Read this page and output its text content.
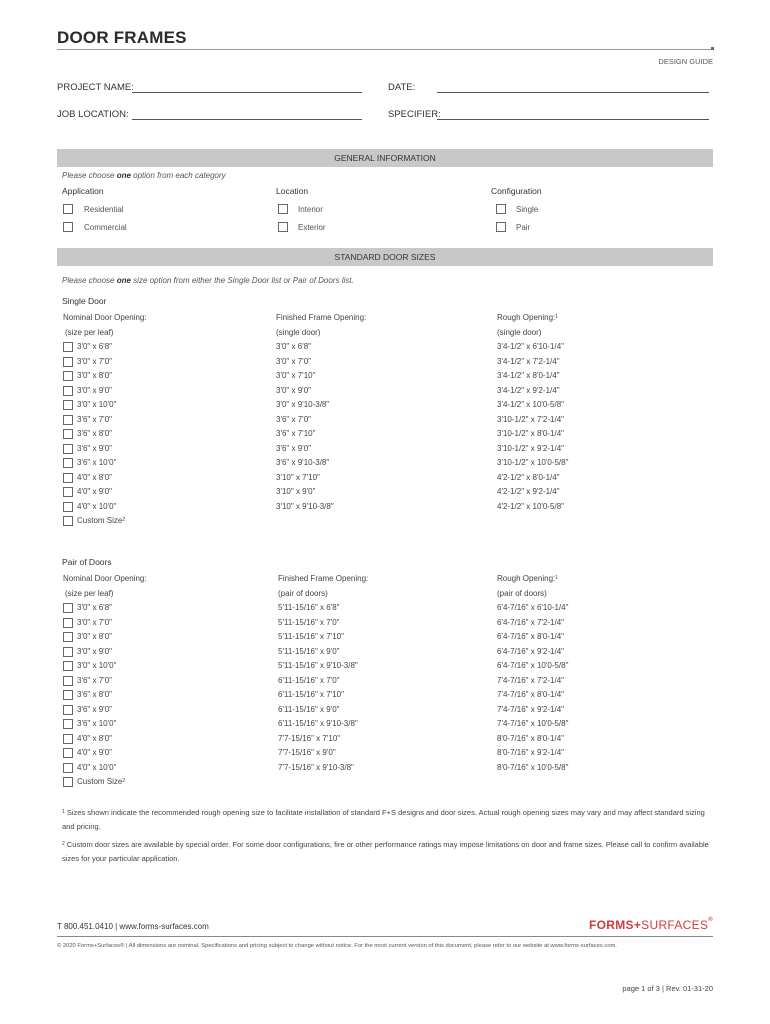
DOOR FRAMES
DESIGN GUIDE
PROJECT NAME:	DATE:
JOB LOCATION:	SPECIFIER:
GENERAL INFORMATION
Please choose one option from each category
Application
Residential
Commercial
Location
Interior
Exterior
Configuration
Single
Pair
STANDARD DOOR SIZES
Please choose one size option from either the Single Door list or Pair of Doors list.
Single Door
Nominal Door Opening:
(size per leaf)
Finished Frame Opening:
(single door)
Rough Opening:$^1$
(single door)
3'0" x 6'8"	3'0" x 6'8"	3'4-1/2" x 6'10-1/4"
3'0" x 7'0"	3'0" x 7'0"	3'4-1/2" x 7'2-1/4"
3'0" x 8'0"	3'0" x 7'10"	3'4-1/2" x 8'0-1/4"
3'0" x 9'0"	3'0" x 9'0"	3'4-1/2" x 9'2-1/4"
3'0" x 10'0"	3'0" x 9'10-3/8"	3'4-1/2" x 10'0-5/8"
3'6" x 7'0"	3'6" x 7'0"	3'10-1/2" x 7'2-1/4"
3'6" x 8'0"	3'6" x 7'10"	3'10-1/2" x 8'0-1/4"
3'6" x 9'0"	3'6" x 9'0"	3'10-1/2" x 9'2-1/4"
3'6" x 10'0"	3'6" x 9'10-3/8"	3'10-1/2" x 10'0-5/8"
4'0" x 8'0"	3'10" x 7'10"	4'2-1/2" x 8'0-1/4"
4'0" x 9'0"	3'10" x 9'0"	4'2-1/2" x 9'2-1/4"
4'0" x 10'0"	3'10" x 9'10-3/8"	4'2-1/2" x 10'0-5/8"
Custom Size$^2$
Pair of Doors
Nominal Door Opening:
(size per leaf)
Finished Frame Opening:
(pair of doors)
Rough Opening:$^1$
(pair of doors)
3'0" x 6'8"	5'11-15/16" x 6'8"	6'4-7/16" x 6'10-1/4"
3'0" x 7'0"	5'11-15/16" x 7'0"	6'4-7/16" x 7'2-1/4"
3'0" x 8'0"	5'11-15/16" x 7'10"	6'4-7/16" x 8'0-1/4"
3'0" x 9'0"	5'11-15/16" x 9'0"	6'4-7/16" x 9'2-1/4"
3'0" x 10'0"	5'11-15/16" x 9'10-3/8"	6'4-7/16" x 10'0-5/8"
3'6" x 7'0"	6'11-15/16" x 7'0"	7'4-7/16" x 7'2-1/4"
3'6" x 8'0"	6'11-15/16" x 7'10"	7'4-7/16" x 8'0-1/4"
3'6" x 9'0"	6'11-15/16" x 9'0"	7'4-7/16" x 9'2-1/4"
3'6" x 10'0"	6'11-15/16" x 9'10-3/8"	7'4-7/16" x 10'0-5/8"
4'0" x 8'0"	7'7-15/16" x 7'10"	8'0-7/16" x 8'0-1/4"
4'0" x 9'0"	7'7-15/16" x 9'0"	8'0-7/16" x 9'2-1/4"
4'0" x 10'0"	7'7-15/16" x 9'10-3/8"	8'0-7/16" x 10'0-5/8"
Custom Size$^2$
$^1$ Sizes shown indicate the recommended rough opening size to facilitate installation of standard F+S designs and door sizes. Actual rough opening sizes may vary and may affect standard sizing and pricing.
$^2$ Custom door sizes are available by special order. For some door configurations, fire or other performance ratings may impose limitations on door and frame sizes. Please call to confirm available sizes for your particular application.
T 800.451.0410 | www.forms-surfaces.com	FORMS+SURFACES®
© 2020 Forms+Surfaces® | All dimensions are nominal. Specifications and pricing subject to change without notice. For the most current version of this document, please refer to our website at www.forms-surfaces.com.
page 1 of 3 | Rev. 01-31-20
